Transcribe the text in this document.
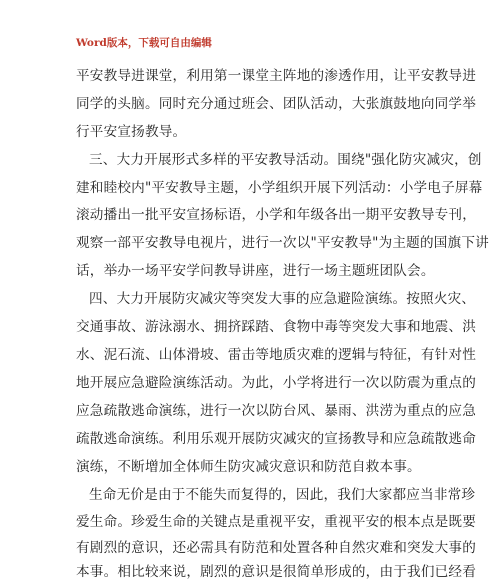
Word版本，下载可自由编辑
平安教导进课堂，利用第一课堂主阵地的渗透作用，让平安教导进
同学的头脑。同时充分通过班会、团队活动，大张旗鼓地向同学举
行平安宣扬教导。
三、大力开展形式多样的平安教导活动。围绕"强化防灾减灾，创
建和睦校内"平安教导主题，小学组织开展下列活动：小学电子屏幕
滚动播出一批平安宣扬标语，小学和年级各出一期平安教导专刊，
观察一部平安教导电视片，进行一次以"平安教导"为主题的国旗下讲
话，举办一场平安学问教导讲座，进行一场主题班团队会。
四、大力开展防灾减灾等突发大事的应急避险演练。按照火灾、
交通事故、游泳溺水、拥挤踩踏、食物中毒等突发大事和地震、洪
水、泥石流、山体滑坡、雷击等地质灾难的逻辑与特征，有针对性
地开展应急避险演练活动。为此，小学将进行一次以防震为重点的
应急疏散逃命演练，进行一次以防台风、暴雨、洪涝为重点的应急
疏散逃命演练。利用乐观开展防灾减灾的宣扬教导和应急疏散逃命
演练，不断增加全体师生防灾减灾意识和防范自救本事。
生命无价是由于不能失而复得的，因此，我们大家都应当非常珍
爱生命。珍爱生命的关键点是重视平安，重视平安的根本点是既要
有剧烈的意识，还必需具有防范和处置各种自然灾难和突发大事的
本事。相比较来说，剧烈的意识是很简单形成的，由于我们已经看
